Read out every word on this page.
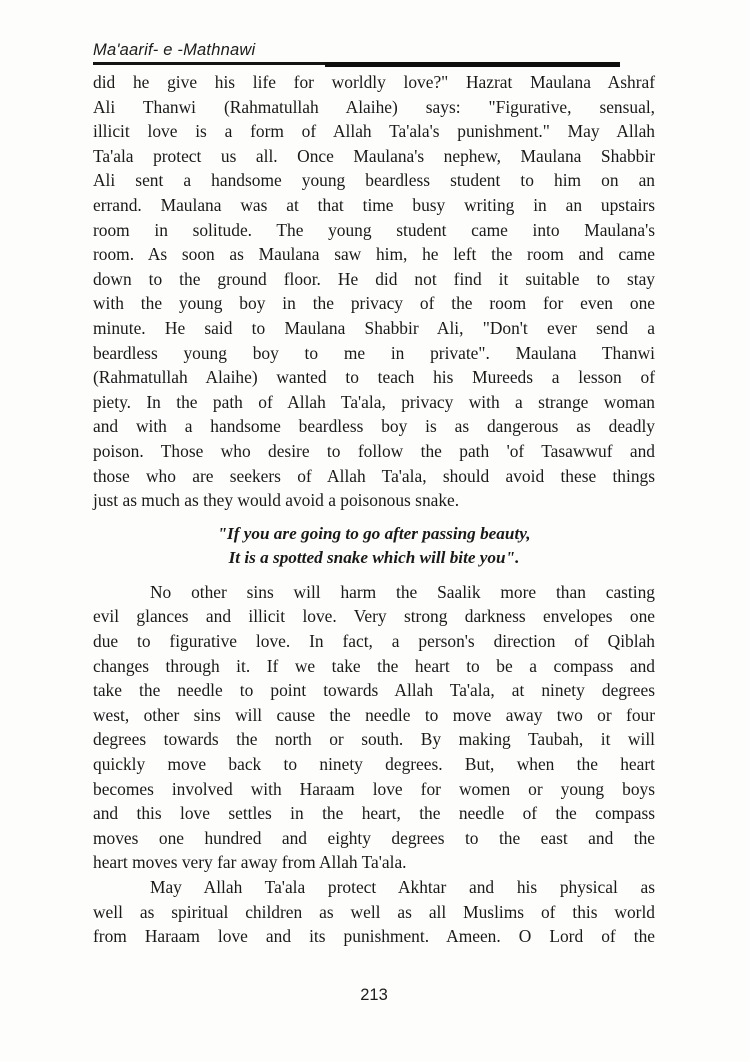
Ma'aarif- e -Mathnawi
did he give his life for worldly love?" Hazrat Maulana Ashraf
Ali Thanwi (Rahmatullah Alaihe) says: "Figurative, sensual,
illicit love is a form of Allah Ta'ala's punishment." May Allah
Ta'ala protect us all. Once Maulana's nephew, Maulana Shabbir
Ali sent a handsome young beardless student to him on an
errand. Maulana was at that time busy writing in an upstairs
room in solitude. The young student came into Maulana's
room. As soon as Maulana saw him, he left the room and came
down to the ground floor. He did not find it suitable to stay
with the young boy in the privacy of the room for even one
minute. He said to Maulana Shabbir Ali, "Don't ever send a
beardless young boy to me in private". Maulana Thanwi
(Rahmatullah Alaihe) wanted to teach his Mureeds a lesson of
piety. In the path of Allah Ta'ala, privacy with a strange woman
and with a handsome beardless boy is as dangerous as deadly
poison. Those who desire to follow the path 'of Tasawwuf and
those who are seekers of Allah Ta'ala, should avoid these things
just as much as they would avoid a poisonous snake.
"If you are going to go after passing beauty,
It is a spotted snake which will bite you".
No other sins will harm the Saalik more than casting
evil glances and illicit love. Very strong darkness envelopes one
due to figurative love. In fact, a person's direction of Qiblah
changes through it. If we take the heart to be a compass and
take the needle to point towards Allah Ta'ala, at ninety degrees
west, other sins will cause the needle to move away two or four
degrees towards the north or south. By making Taubah, it will
quickly move back to ninety degrees. But, when the heart
becomes involved with Haraam love for women or young boys
and this love settles in the heart, the needle of the compass
moves one hundred and eighty degrees to the east and the
heart moves very far away from Allah Ta'ala.
May Allah Ta'ala protect Akhtar and his physical as
well as spiritual children as well as all Muslims of this world
from Haraam love and its punishment. Ameen. O Lord of the
213
